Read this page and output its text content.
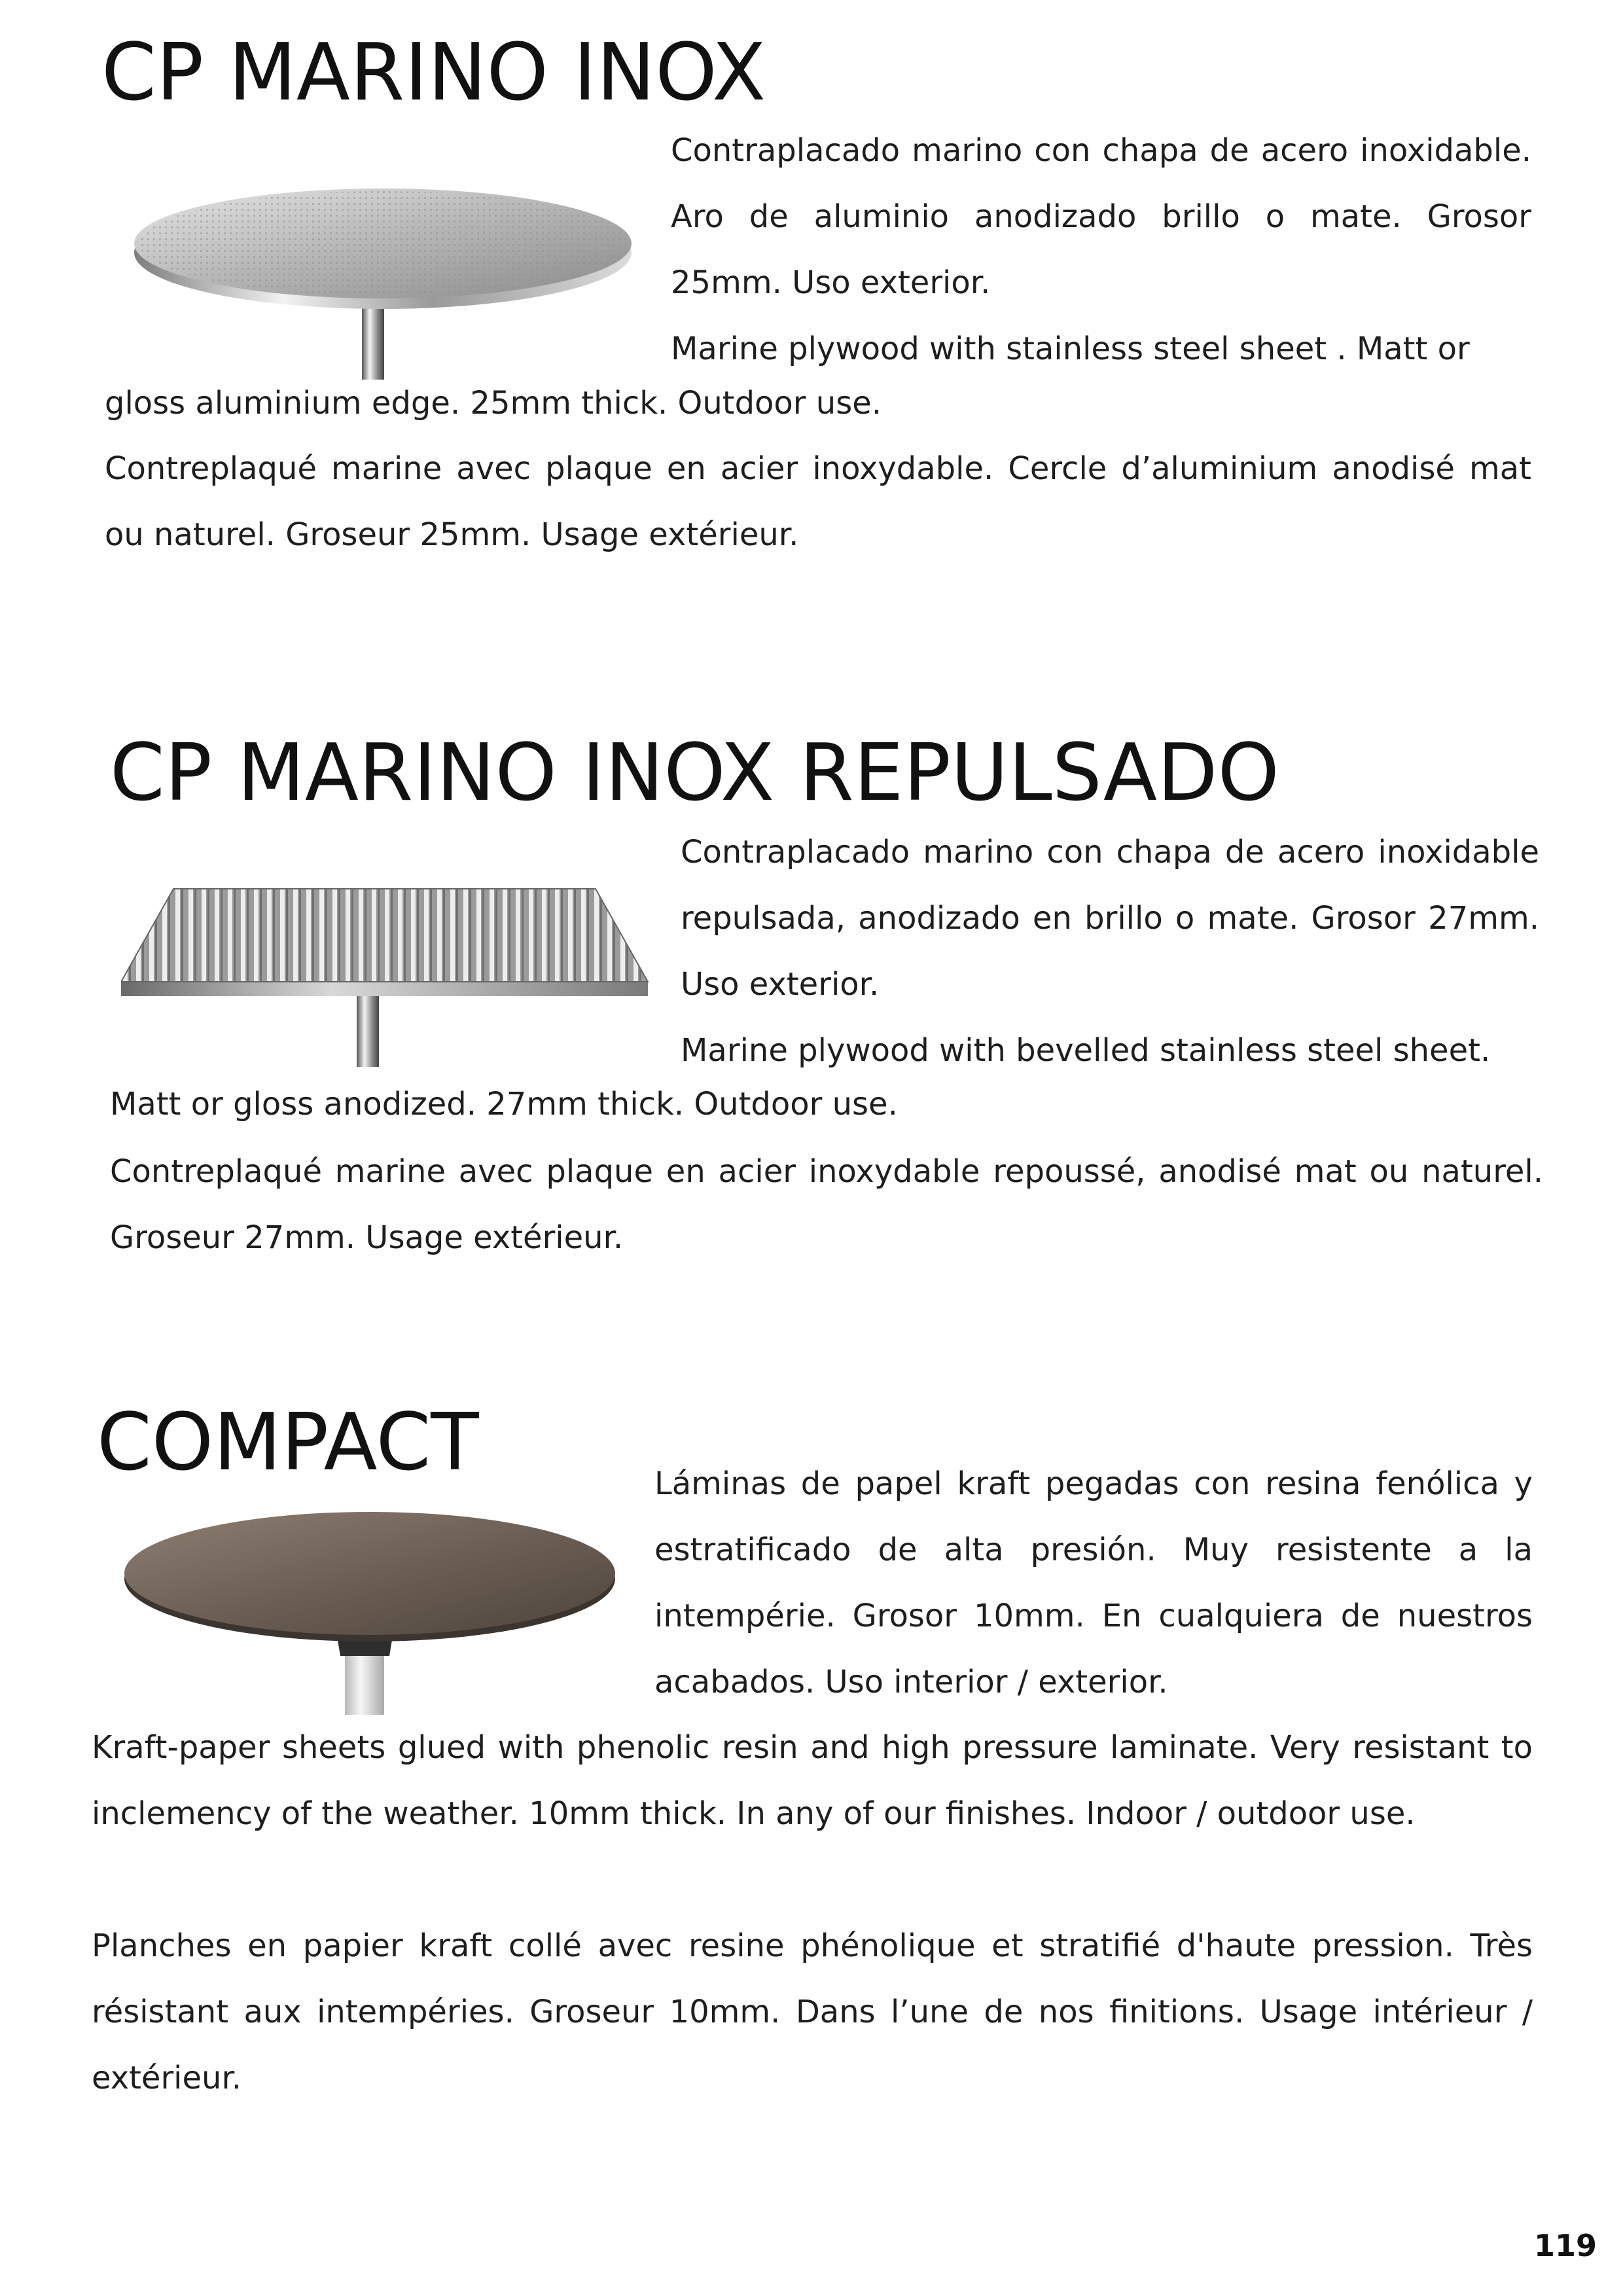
CP MARINO INOX

Contraplacado marino con chapa de acero inoxidable. Aro de aluminio anodizado brillo o mate. Grosor 25mm. Uso exterior.

Marine plywood with stainless steel sheet . Matt or

gloss aluminium edge. 25mm thick. Outdoor use.

Contreplaqué marine avec plaque en acier inoxydable. Cercle d’aluminium anodisé mat ou naturel. Groseur 25mm. Usage extérieur.

CP MARINO INOX REPULSADO

Contraplacado marino con chapa de acero inoxidable repulsada, anodizado en brillo o mate. Grosor 27mm. Uso exterior.

Marine plywood with bevelled stainless steel sheet.

Matt or gloss anodized. 27mm thick. Outdoor use.

Contreplaqué marine avec plaque en acier inoxydable repoussé, anodisé mat ou naturel. Groseur 27mm. Usage extérieur.

COMPACT	Láminas de papel kraft pegadas con resina fenólica y estratificado de alta presión. Muy resistente a la intempérie. Grosor 10mm. En cualquiera de nuestros acabados. Uso interior / exterior.

Kraft-paper sheets glued with phenolic resin and high pressure laminate. Very resistant to inclemency of the weather. 10mm thick. In any of our finishes. Indoor / outdoor use.

Planches en papier kraft collé avec resine phénolique et stratifié d'haute pression. Très résistant aux intempéries. Groseur 10mm. Dans l’une de nos finitions. Usage intérieur / extérieur.

119
